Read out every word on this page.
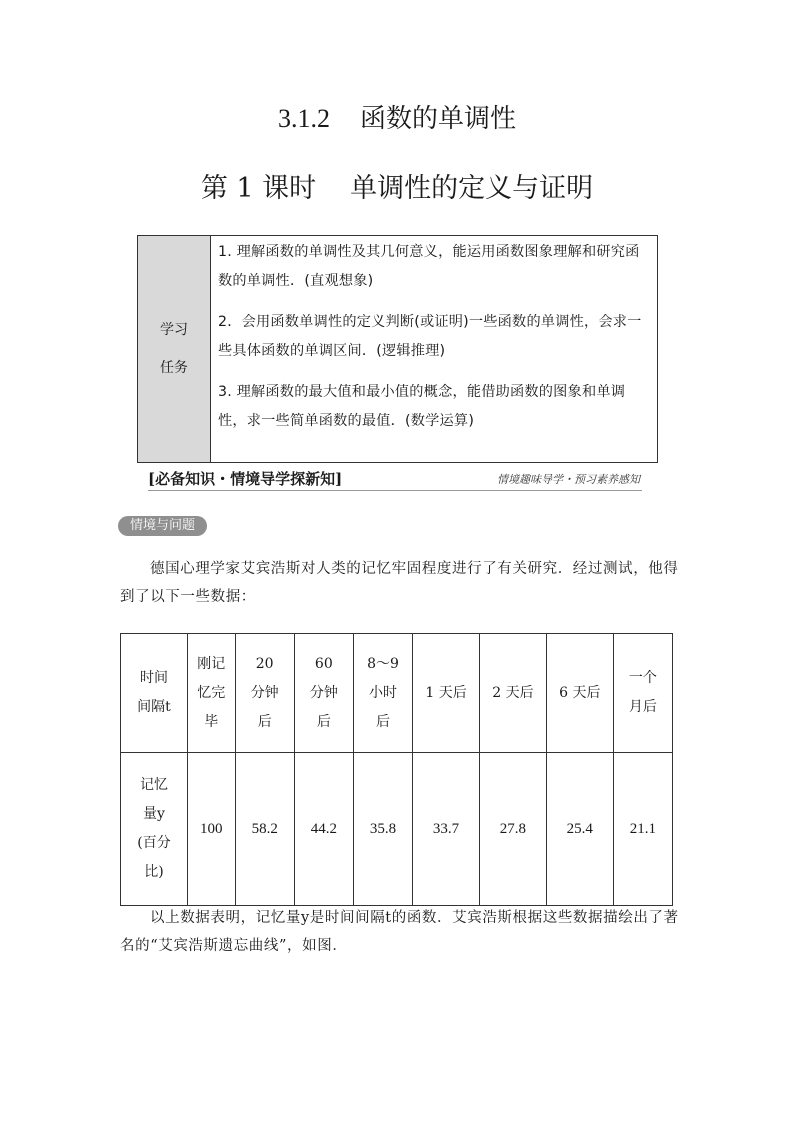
3.1.2 函数的单调性
第 1 课时 单调性的定义与证明
学习
任务
1. 理解函数的单调性及其几何意义，能运用函数图象理解和研究函数的单调性．(直观想象)
2．会用函数单调性的定义判断(或证明)一些函数的单调性，会求一些具体函数的单调区间．(逻辑推理)
3. 理解函数的最大值和最小值的概念，能借助函数的图象和单调性，求一些简单函数的最值．(数学运算)
[必备知识・情境导学探新知]	情境趣味导学・预习素养感知
情境与问题
德国心理学家艾宾浩斯对人类的记忆牢固程度进行了有关研究．经过测试，他得到了以下一些数据：
时间间隔t	刚记忆完毕	20 分钟后	60 分钟后	8～9 小时后	1 天后	2 天后	6 天后	一个月后
记忆量y(百分比)	100	58.2	44.2	35.8	33.7	27.8	25.4	21.1
以上数据表明，记忆量y是时间间隔t的函数．艾宾浩斯根据这些数据描绘出了著名的“艾宾浩斯遗忘曲线”，如图．
